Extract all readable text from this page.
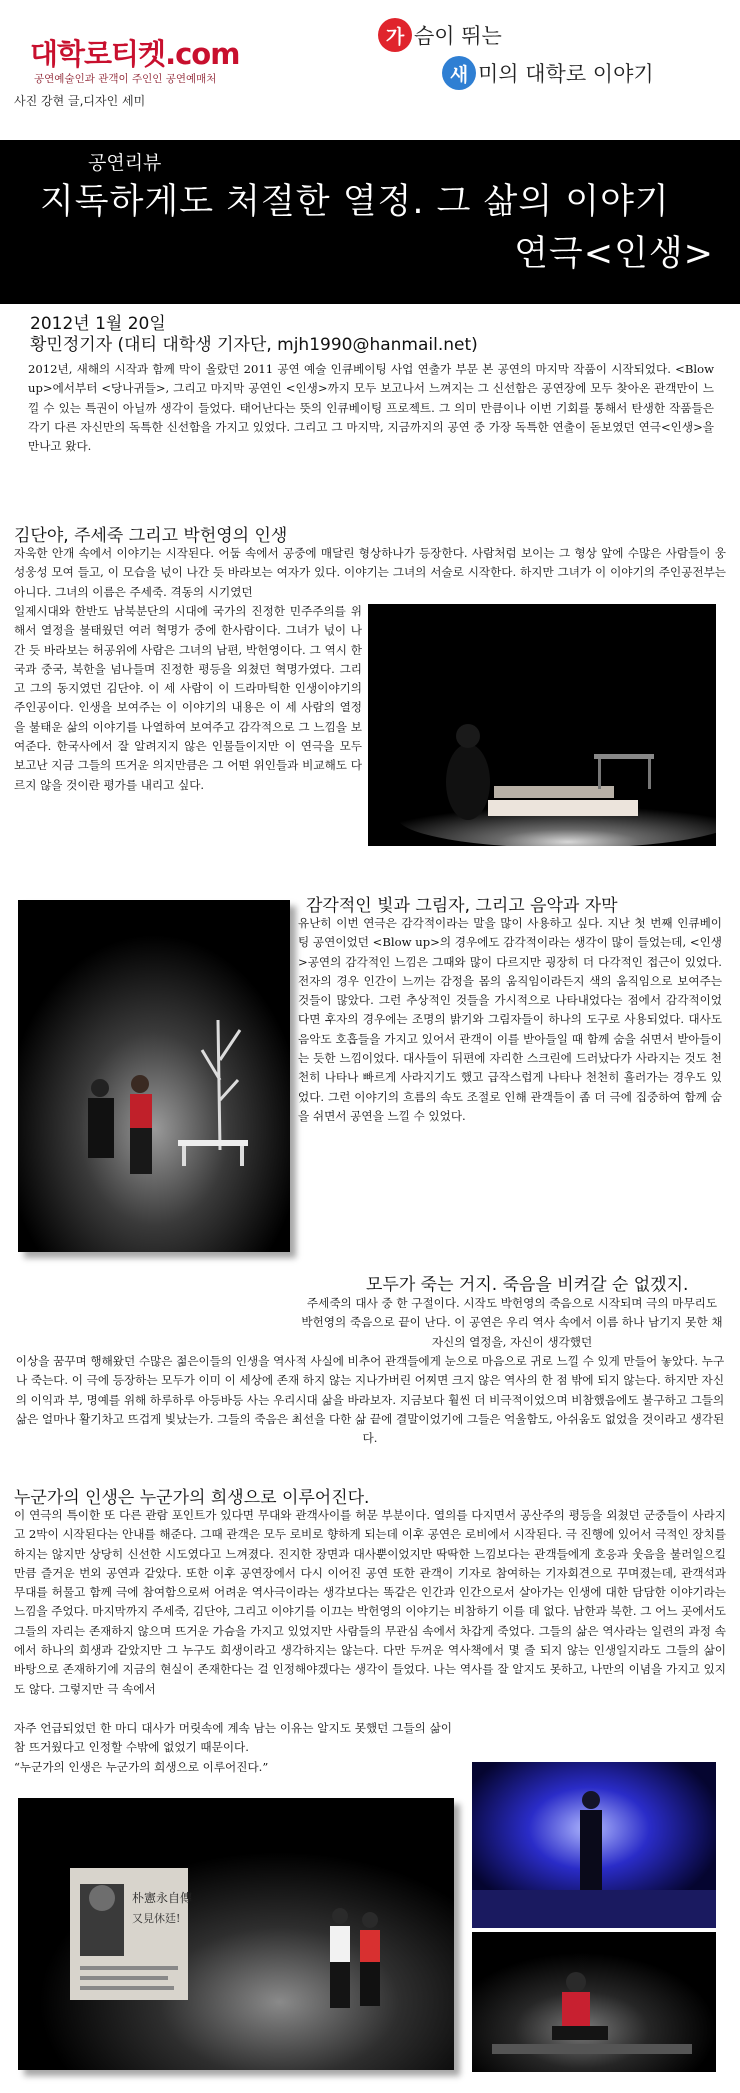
대학로티켓.com
공연예술인과 관객이 주인인 공연예매처
사진 강현 글,디자인 세미
가 슴이 뛰는
새 미의 대학로 이야기
공연리뷰
지독하게도 처절한 열정. 그 삶의 이야기
연극<인생>
2012년 1월 20일
황민정기자 (대티 대학생 기자단, mjh1990@hanmail.net)

2012년, 새해의 시작과 함께 막이 올랐던 2011 공연 예술 인큐베이팅 사업 연출가 부문 본 공연의 마지막 작품이 시작되었다. <Blow up>에서부터 <당나귀들>, 그리고 마지막 공연인 <인생>까지 모두 보고나서 느껴지는 그 신선함은 공연장에 모두 찾아온 관객만이 느낄 수 있는 특권이 아닐까 생각이 들었다. 태어난다는 뜻의 인큐베이팅 프로젝트. 그 의미 만큼이나 이번 기회를 통해서 탄생한 작품들은 각기 다른 자신만의 독특한 신선함을 가지고 있었다. 그리고 그 마지막, 지금까지의 공연 중 가장 독특한 연출이 돋보였던 연극<인생>을 만나고 왔다.

김단야, 주세죽 그리고 박헌영의 인생

자욱한 안개 속에서 이야기는 시작된다. 어둠 속에서 공중에 매달린 형상하나가 등장한다. 사람처럼 보이는 그 형상 앞에 수많은 사람들이 웅성웅성 모여 들고, 이 모습을 넋이 나간 듯 바라보는 여자가 있다. 이야기는 그녀의 서술로 시작한다. 하지만 그녀가 이 이야기의 주인공전부는 아니다. 그녀의 이름은 주세죽. 격동의 시기였던

일제시대와 한반도 남북분단의 시대에 국가의 진정한 민주주의를 위해서 열정을 불태웠던 여러 혁명가 중에 한사람이다. 그녀가 넋이 나간 듯 바라보는 허공위에 사람은 그녀의 남편, 박헌영이다. 그 역시 한국과 중국, 북한을 넘나들며 진정한 평등을 외쳤던 혁명가였다. 그리고 그의 동지였던 김단야. 이 세 사람이 이 드라마틱한 인생이야기의 주인공이다. 인생을 보여주는 이 이야기의 내용은 이 세 사람의 열정을 불태운 삶의 이야기를 나열하여 보여주고 감각적으로 그 느낌을 보여준다. 한국사에서 잘 알려지지 않은 인물들이지만 이 연극을 모두 보고난 지금 그들의 뜨거운 의지만큼은 그 어떤 위인들과 비교해도 다르지 않을 것이란 평가를 내리고 싶다.

감각적인 빛과 그림자, 그리고 음악과 자막

유난히 이번 연극은 감각적이라는 말을 많이 사용하고 싶다. 지난 첫 번째 인큐베이팅 공연이었던 <Blow up>의 경우에도 감각적이라는 생각이 많이 들었는데, <인생>공연의 감각적인 느낌은 그때와 많이 다르지만 굉장히 더 다각적인 접근이 있었다. 전자의 경우 인간이 느끼는 감정을 몸의 움직임이라든지 색의 움직임으로 보여주는 것들이 많았다. 그런 추상적인 것들을 가시적으로 나타내었다는 점에서 감각적이었다면 후자의 경우에는 조명의 밝기와 그림자들이 하나의 도구로 사용되었다. 대사도 음악도 호흡들을 가지고 있어서 관객이 이를 받아들일 때 함께 숨을 쉬면서 받아들이는 듯한 느낌이었다. 대사들이 뒤편에 자리한 스크린에 드러났다가 사라지는 것도 천천히 나타나 빠르게 사라지기도 했고 급작스럽게 나타나 천천히 흘러가는 경우도 있었다. 그런 이야기의 흐름의 속도 조절로 인해 관객들이 좀 더 극에 집중하여 함께 숨을 쉬면서 공연을 느낄 수 있었다.

모두가 죽는 거지. 죽음을 비켜갈 순 없겠지.

주세죽의 대사 중 한 구절이다. 시작도 박헌영의 죽음으로 시작되며 극의 마무리도 박헌영의 죽음으로 끝이 난다. 이 공연은 우리 역사 속에서 이름 하나 남기지 못한 채 자신의 열정을, 자신이 생각했던

이상을 꿈꾸며 행해왔던 수많은 젊은이들의 인생을 역사적 사실에 비추어 관객들에게 눈으로 마음으로 귀로 느낄 수 있게 만들어 놓았다. 누구나 죽는다. 이 극에 등장하는 모두가 이미 이 세상에 존재 하지 않는 지나가버린 어찌면 크지 않은 역사의 한 점 밖에 되지 않는다. 하지만 자신의 이익과 부, 명예를 위해 하루하루 아등바등 사는 우리시대 삶을 바라보자. 지금보다 훨씬 더 비극적이었으며 비참했음에도 불구하고 그들의 삶은 얼마나 활기차고 뜨겁게 빛났는가. 그들의 죽음은 최선을 다한 삶 끝에 결말이었기에 그들은 억울함도, 아쉬움도 없었을 것이라고 생각된다.

누군가의 인생은 누군가의 희생으로 이루어진다.

이 연극의 특이한 또 다른 관람 포인트가 있다면 무대와 관객사이를 허문 부분이다. 열의를 다지면서 공산주의 평등을 외쳤던 군중들이 사라지고 2막이 시작된다는 안내를 해준다. 그때 관객은 모두 로비로 향하게 되는데 이후 공연은 로비에서 시작된다. 극 진행에 있어서 극적인 장치를 하지는 않지만 상당히 신선한 시도였다고 느껴졌다. 진지한 장면과 대사뿐이었지만 딱딱한 느낌보다는 관객들에게 호응과 웃음을 불러일으킬 만큼 즐거운 번외 공연과 같았다. 또한 이후 공연장에서 다시 이어진 공연 또한 관객이 기자로 참여하는 기자회견으로 꾸며졌는데, 관객석과 무대를 허물고 함께 극에 참여함으로써 어려운 역사극이라는 생각보다는 똑같은 인간과 인간으로서 살아가는 인생에 대한 담담한 이야기라는 느낌을 주었다. 마지막까지 주세죽, 김단야, 그리고 이야기를 이끄는 박헌영의 이야기는 비참하기 이를 데 없다. 남한과 북한. 그 어느 곳에서도 그들의 자리는 존재하지 않으며 뜨거운 가슴을 가지고 있었지만 사람들의 무관심 속에서 차갑게 죽었다. 그들의 삶은 역사라는 일련의 과정 속에서 하나의 희생과 같았지만 그 누구도 희생이라고 생각하지는 않는다. 다만 두꺼운 역사책에서 몇 줄 되지 않는 인생일지라도 그들의 삶이 바탕으로 존재하기에 지금의 현실이 존재한다는 걸 인정해야겠다는 생각이 들었다. 나는 역사를 잘 알지도 못하고, 나만의 이념을 가지고 있지도 않다. 그렇지만 극 속에서

자주 언급되었던 한 마디 대사가 머릿속에 계속 남는 이유는 알지도 못했던 그들의 삶이 참 뜨거웠다고 인정할 수밖에 없었기 때문이다.

“누군가의 인생은 누군가의 희생으로 이루어진다.”

朴憲永自傳
又見休廷!
